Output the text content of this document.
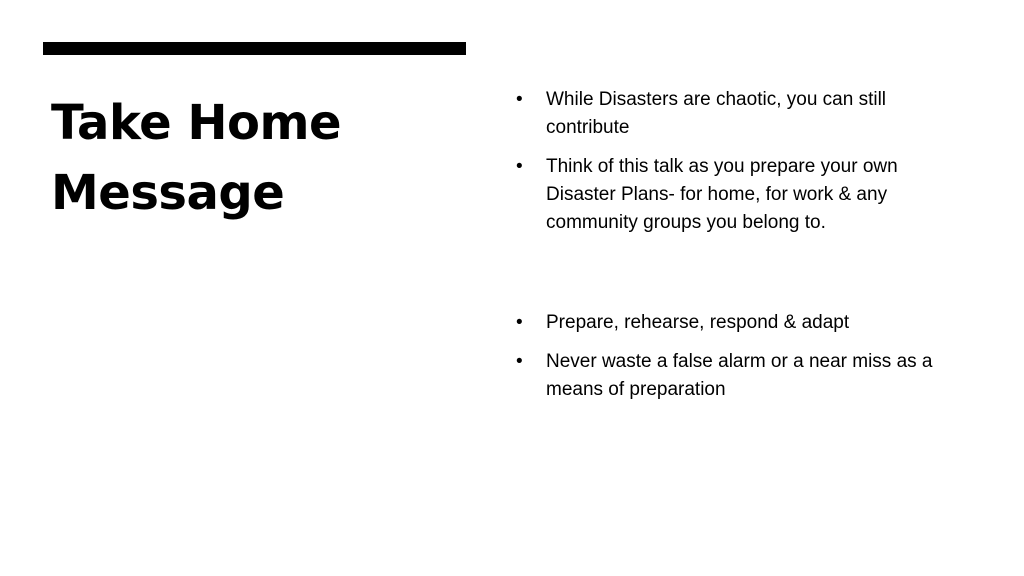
Take Home
Message
• While Disasters are chaotic, you can still contribute
• Think of this talk as you prepare your own Disaster Plans- for home, for work & any community groups you belong to.
• Prepare, rehearse, respond & adapt
• Never waste a false alarm or a near miss as a means of preparation
